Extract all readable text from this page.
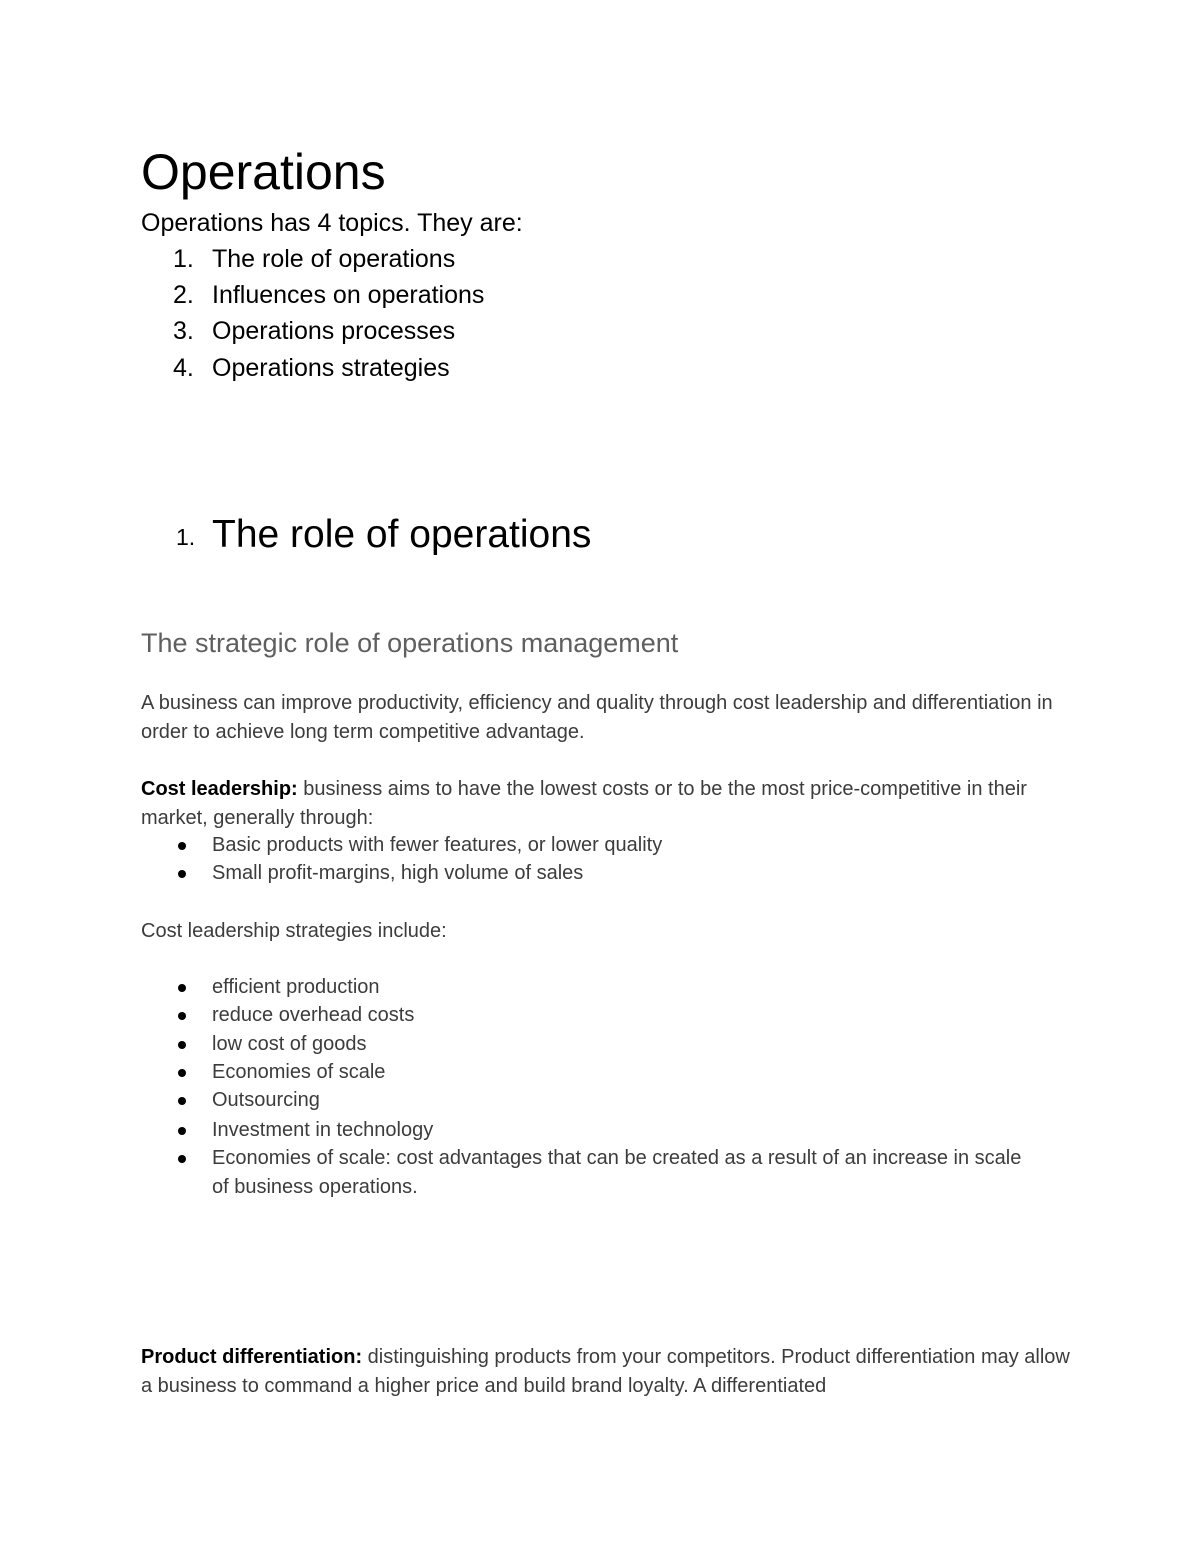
Operations
Operations has 4 topics. They are:
1. The role of operations
2. Influences on operations
3. Operations processes
4. Operations strategies
1. The role of operations
The strategic role of operations management
A business can improve productivity, efficiency and quality through cost leadership and differentiation in order to achieve long term competitive advantage.
Cost leadership: business aims to have the lowest costs or to be the most price-competitive in their market, generally through:
Basic products with fewer features, or lower quality
Small profit-margins, high volume of sales
Cost leadership strategies include:
efficient production
reduce overhead costs
low cost of goods
Economies of scale
Outsourcing
Investment in technology
Economies of scale: cost advantages that can be created as a result of an increase in scale of business operations.
Product differentiation: distinguishing products from your competitors. Product differentiation may allow a business to command a higher price and build brand loyalty. A differentiated
